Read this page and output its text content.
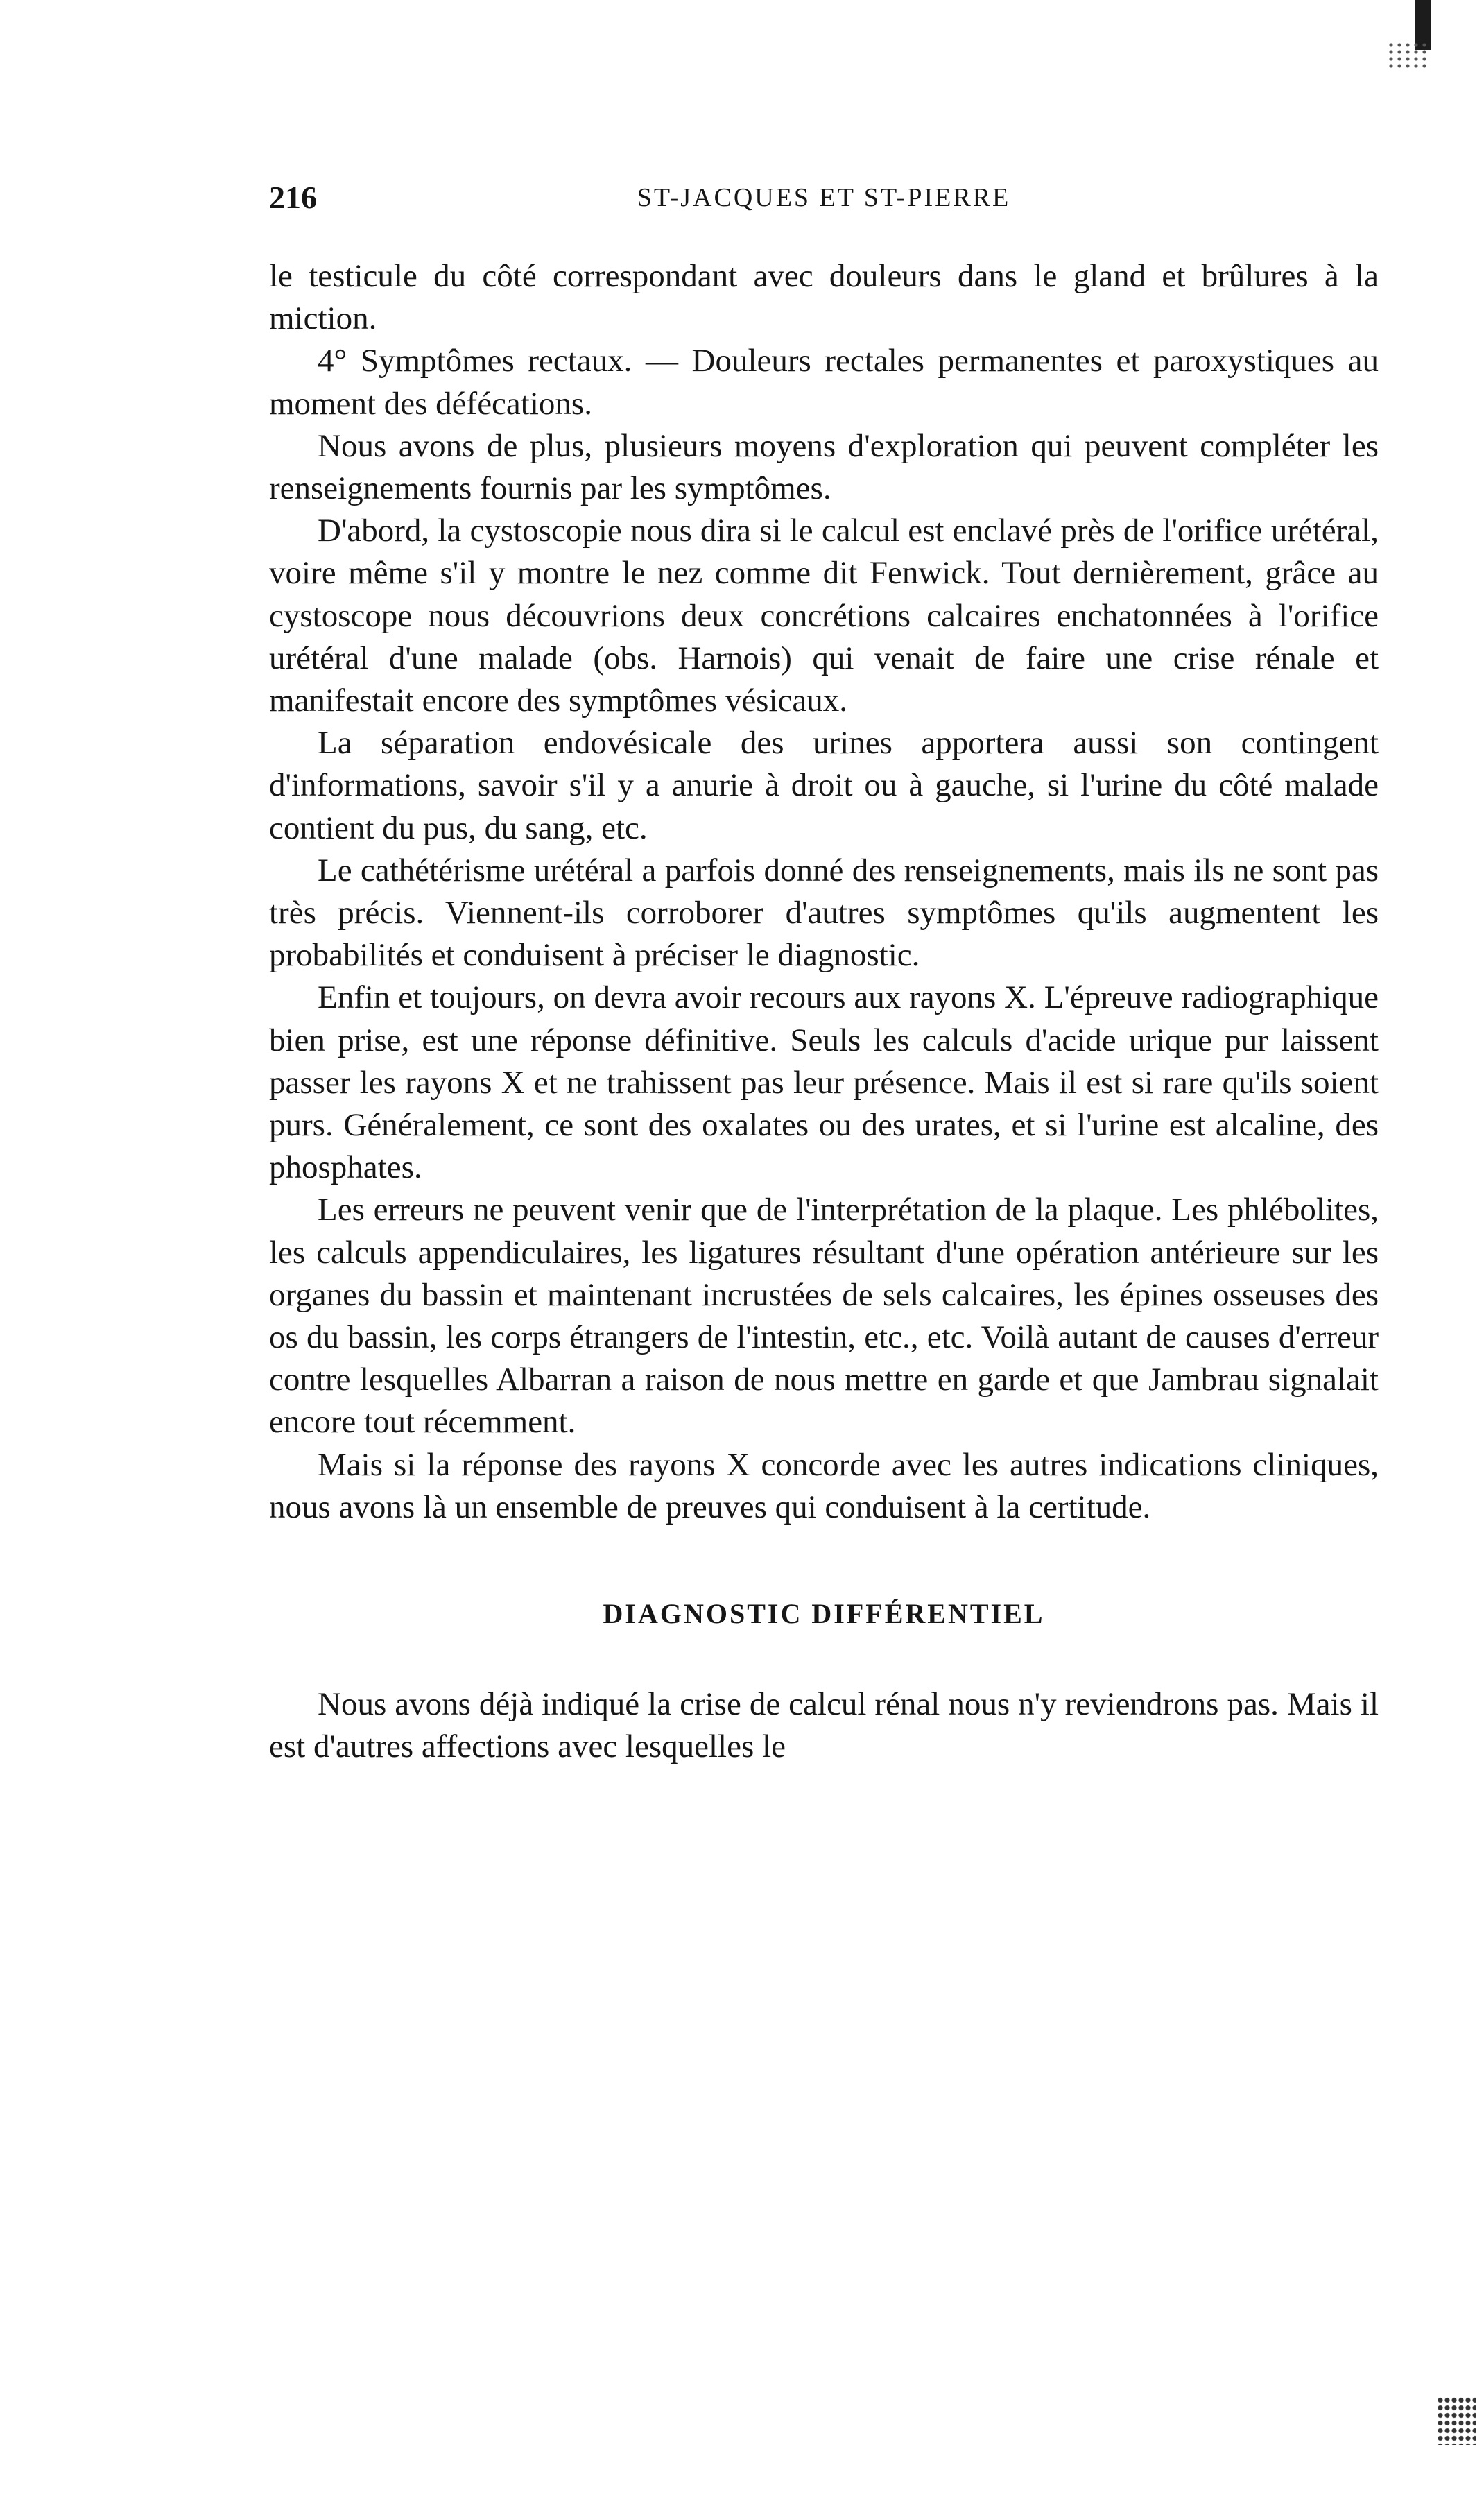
216	ST-JACQUES ET ST-PIERRE

le testicule du côté correspondant avec douleurs dans le gland et brûlures à la miction.

4° Symptômes rectaux. — Douleurs rectales permanentes et paroxystiques au moment des défécations.

Nous avons de plus, plusieurs moyens d'exploration qui peuvent compléter les renseignements fournis par les symptômes.

D'abord, la cystoscopie nous dira si le calcul est enclavé près de l'orifice urétéral, voire même s'il y montre le nez comme dit Fenwick. Tout dernièrement, grâce au cystoscope nous découvrions deux concrétions calcaires enchatonnées à l'orifice urétéral d'une malade (obs. Harnois) qui venait de faire une crise rénale et manifestait encore des symptômes vésicaux.

La séparation endovésicale des urines apportera aussi son contingent d'informations, savoir s'il y a anurie à droit ou à gauche, si l'urine du côté malade contient du pus, du sang, etc.

Le cathétérisme urétéral a parfois donné des renseignements, mais ils ne sont pas très précis. Viennent-ils corroborer d'autres symptômes qu'ils augmentent les probabilités et conduisent à préciser le diagnostic.

Enfin et toujours, on devra avoir recours aux rayons X. L'épreuve radiographique bien prise, est une réponse définitive. Seuls les calculs d'acide urique pur laissent passer les rayons X et ne trahissent pas leur présence. Mais il est si rare qu'ils soient purs. Généralement, ce sont des oxalates ou des urates, et si l'urine est alcaline, des phosphates.

Les erreurs ne peuvent venir que de l'interprétation de la plaque. Les phlébolites, les calculs appendiculaires, les ligatures résultant d'une opération antérieure sur les organes du bassin et maintenant incrustées de sels calcaires, les épines osseuses des os du bassin, les corps étrangers de l'intestin, etc., etc. Voilà autant de causes d'erreur contre lesquelles Albarran a raison de nous mettre en garde et que Jambrau signalait encore tout récemment.

Mais si la réponse des rayons X concorde avec les autres indications cliniques, nous avons là un ensemble de preuves qui conduisent à la certitude.

DIAGNOSTIC DIFFÉRENTIEL

Nous avons déjà indiqué la crise de calcul rénal nous n'y reviendrons pas. Mais il est d'autres affections avec lesquelles le
